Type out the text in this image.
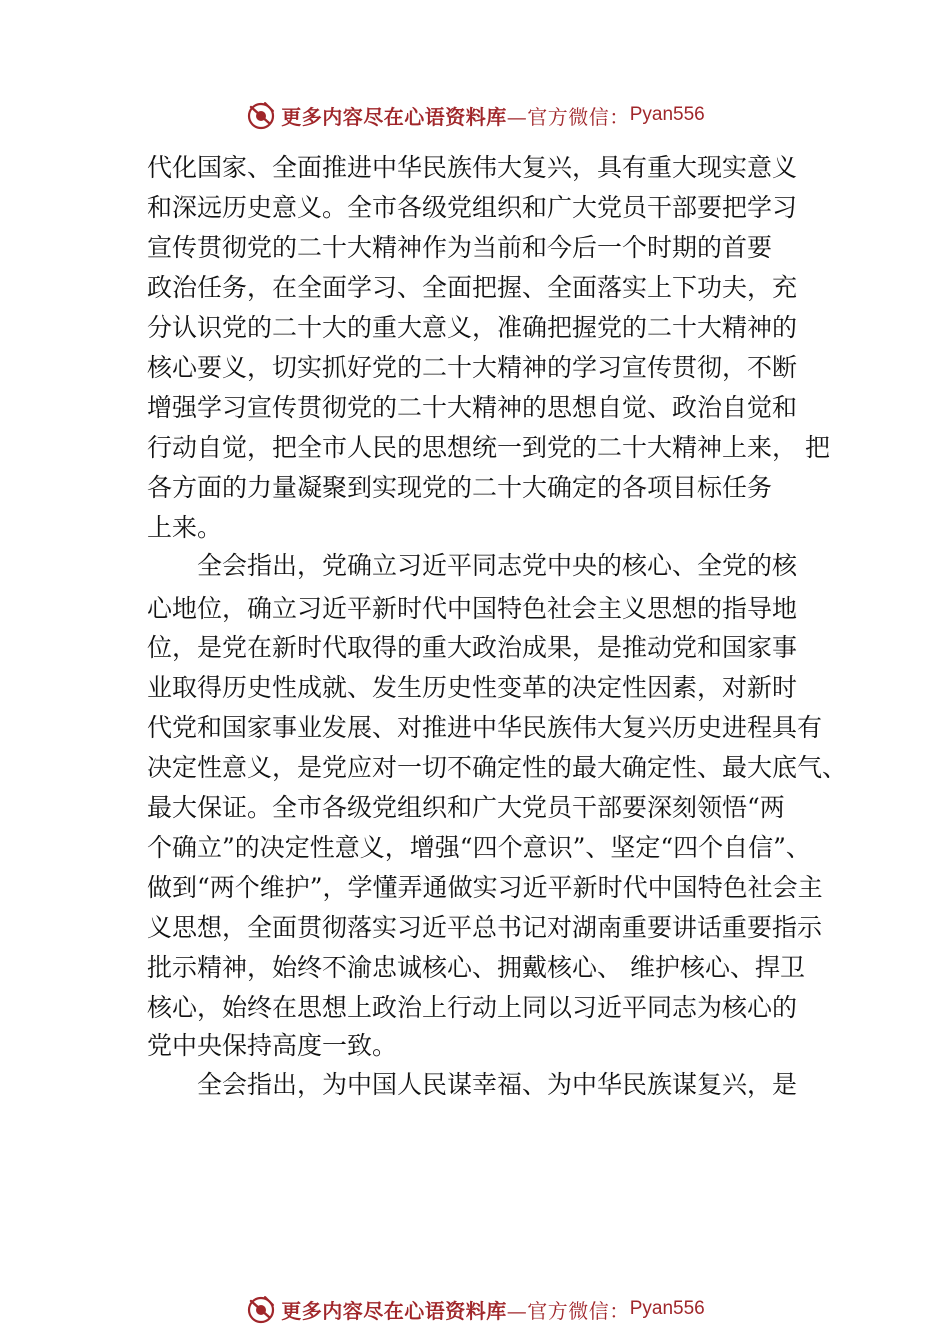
更多内容尽在心语资料库 —官方微信： Pyan556
代化国家、全面推进中华民族伟大复兴，具有重大现实意义
和深远历史意义。全市各级党组织和广大党员干部要把学习
宣传贯彻党的二十大精神作为当前和今后一个时期的首要
政治任务，在全面学习、全面把握、全面落实上下功夫，充
分认识党的二十大的重大意义，准确把握党的二十大精神的
核心要义，切实抓好党的二十大精神的学习宣传贯彻，不断
增强学习宣传贯彻党的二十大精神的思想自觉、政治自觉和
行动自觉，把全市人民的思想统一到党的二十大精神上来， 把
各方面的力量凝聚到实现党的二十大确定的各项目标任务
上来。
全会指出，党确立习近平同志党中央的核心、全党的核
心地位，确立习近平新时代中国特色社会主义思想的指导地
位，是党在新时代取得的重大政治成果，是推动党和国家事
业取得历史性成就、发生历史性变革的决定性因素，对新时
代党和国家事业发展、对推进中华民族伟大复兴历史进程具有
决定性意义，是党应对一切不确定性的最大确定性、最大底气、
最大保证。全市各级党组织和广大党员干部要深刻领悟“两
个确立”的决定性意义，增强“四个意识”、坚定“四个自信”、
做到“两个维护”，学懂弄通做实习近平新时代中国特色社会主
义思想，全面贯彻落实习近平总书记对湖南重要讲话重要指示
批示精神，始终不渝忠诚核心、拥戴核心、 维护核心、捍卫
核心，始终在思想上政治上行动上同以习近平同志为核心的
党中央保持高度一致。
全会指出，为中国人民谋幸福、为中华民族谋复兴，是
更多内容尽在心语资料库 —官方微信： Pyan556
